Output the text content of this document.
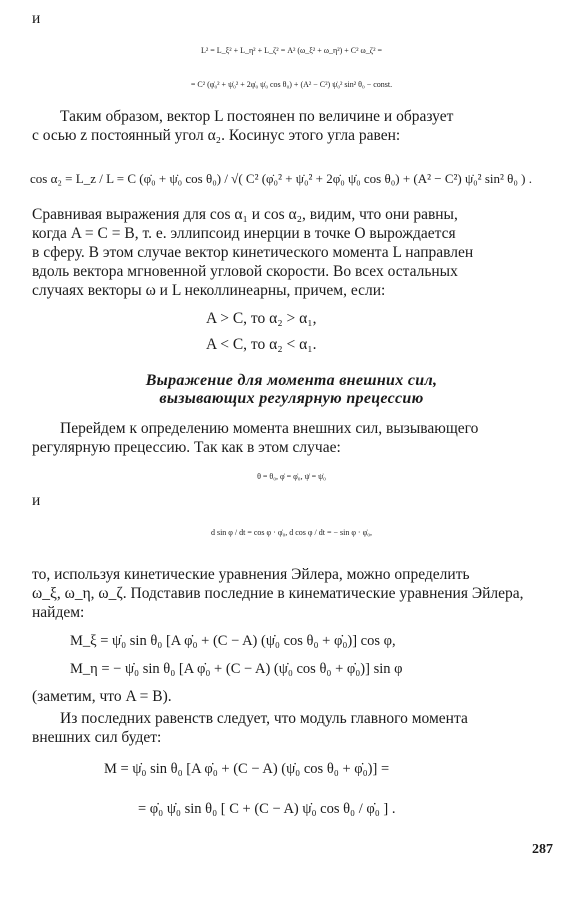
и
L² = L_ξ² + L_η² + L_ζ² = A² (ω_ξ² + ω_η²) + C² ω_ζ² =
= C² (φ̇₀² + ψ̇₀² + 2φ̇₀ ψ̇₀ cos θ₀) + (A² − C²) ψ̇₀² sin² θ₀ − const.
Таким образом, вектор L постоянен по величине и образует
с осью z постоянный угол α₂. Косинус этого угла равен:
cos α₂ = L_z / L = C (φ̇₀ + ψ̇₀ cos θ₀) / √( C² (φ̇₀² + ψ̇₀² + 2φ̇₀ ψ̇₀ cos θ₀) + (A² − C²) ψ̇₀² sin² θ₀ ) .
Сравнивая выражения для cos α₁ и cos α₂, видим, что они равны,
когда A = C = B, т. е. эллипсоид инерции в точке O вырождается
в сферу. В этом случае вектор кинетического момента L направлен
вдоль вектора мгновенной угловой скорости. Во всех остальных
случаях векторы ω и L неколлинеарны, причем, если:
A > C, то α₂ > α₁,
A < C, то α₂ < α₁.
Выражение для момента внешних сил,
вызывающих регулярную прецессию
Перейдем к определению момента внешних сил, вызывающего
регулярную прецессию. Так как в этом случае:
θ = θ₀, φ̇ = φ̇₀, ψ̇ = ψ̇₀
и
d sin φ / dt = cos φ · φ̇₀, d cos φ / dt = − sin φ · φ̇₀,
то, используя кинетические уравнения Эйлера, можно определить
ω_ξ, ω_η, ω_ζ. Подставив последние в кинематические уравнения Эйлера,
найдем:
M_ξ = ψ̇₀ sin θ₀ [A φ̇₀ + (C − A) (ψ̇₀ cos θ₀ + φ̇₀)] cos φ,
M_η = − ψ̇₀ sin θ₀ [A φ̇₀ + (C − A) (ψ̇₀ cos θ₀ + φ̇₀)] sin φ
(заметим, что A = B).
Из последних равенств следует, что модуль главного момента
внешних сил будет:
M = ψ̇₀ sin θ₀ [A φ̇₀ + (C − A) (ψ̇₀ cos θ₀ + φ̇₀)] =
= φ̇₀ ψ̇₀ sin θ₀ [ C + (C − A) ψ̇₀ cos θ₀ / φ̇₀ ] .
287
